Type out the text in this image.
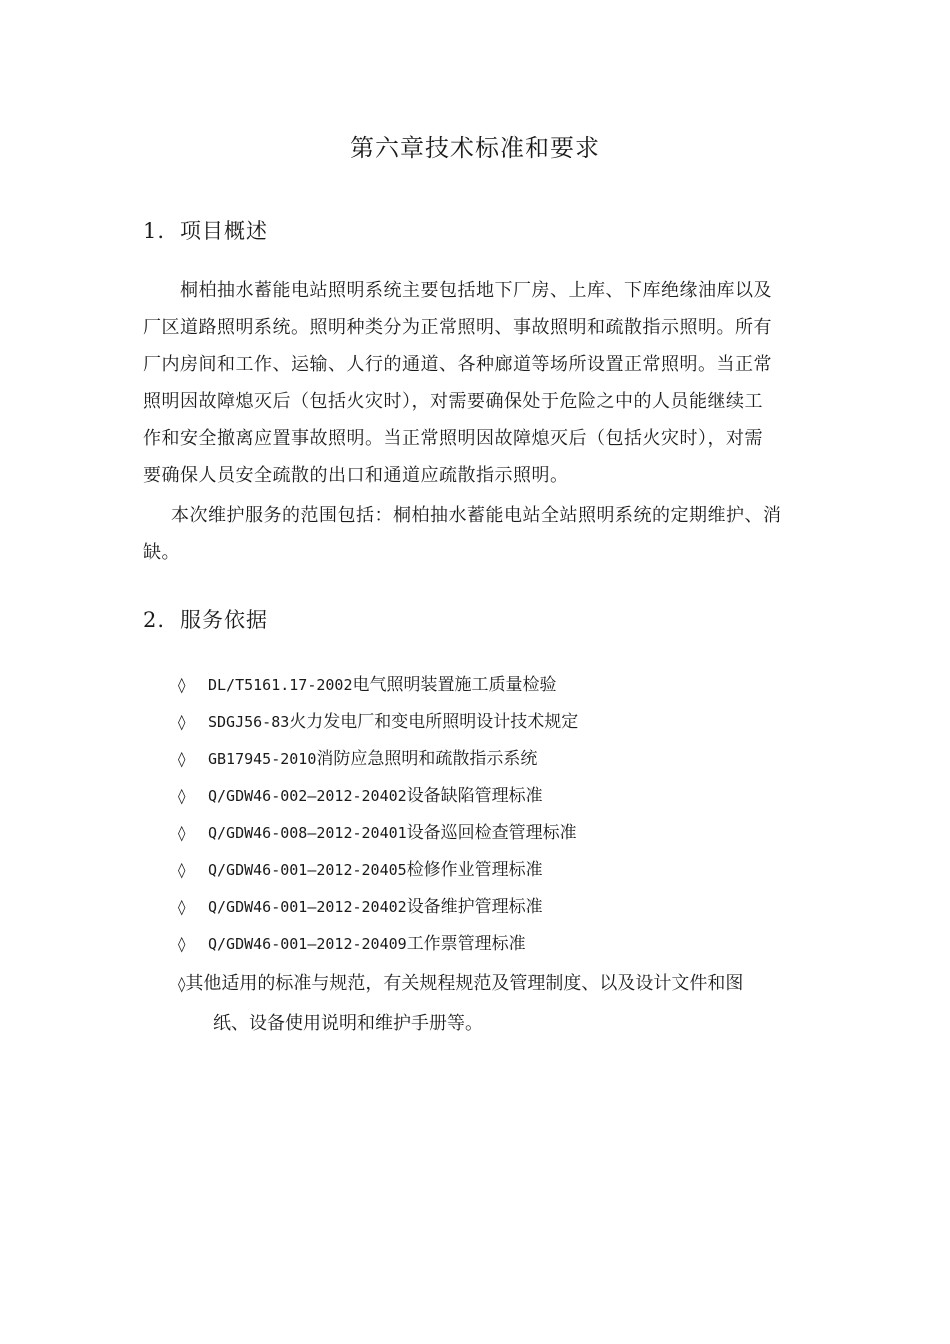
第六章技术标准和要求
1. 项目概述
桐柏抽水蓄能电站照明系统主要包括地下厂房、上库、下库绝缘油库以及
厂区道路照明系统。照明种类分为正常照明、事故照明和疏散指示照明。所有
厂内房间和工作、运输、人行的通道、各种廊道等场所设置正常照明。当正常
照明因故障熄灭后（包括火灾时），对需要确保处于危险之中的人员能继续工
作和安全撤离应置事故照明。当正常照明因故障熄灭后（包括火灾时），对需
要确保人员安全疏散的出口和通道应疏散指示照明。
本次维护服务的范围包括：桐柏抽水蓄能电站全站照明系统的定期维护、消
缺。
2. 服务依据
◊ DL/T5161.17-2002电气照明装置施工质量检验
◊ SDGJ56-83火力发电厂和变电所照明设计技术规定
◊ GB17945-2010消防应急照明和疏散指示系统
◊ Q/GDW46-002—2012-20402设备缺陷管理标准
◊ Q/GDW46-008—2012-20401设备巡回检查管理标准
◊ Q/GDW46-001—2012-20405检修作业管理标准
◊ Q/GDW46-001—2012-20402设备维护管理标准
◊ Q/GDW46-001—2012-20409工作票管理标准
◊其他适用的标准与规范，有关规程规范及管理制度、以及设计文件和图
纸、设备使用说明和维护手册等。
